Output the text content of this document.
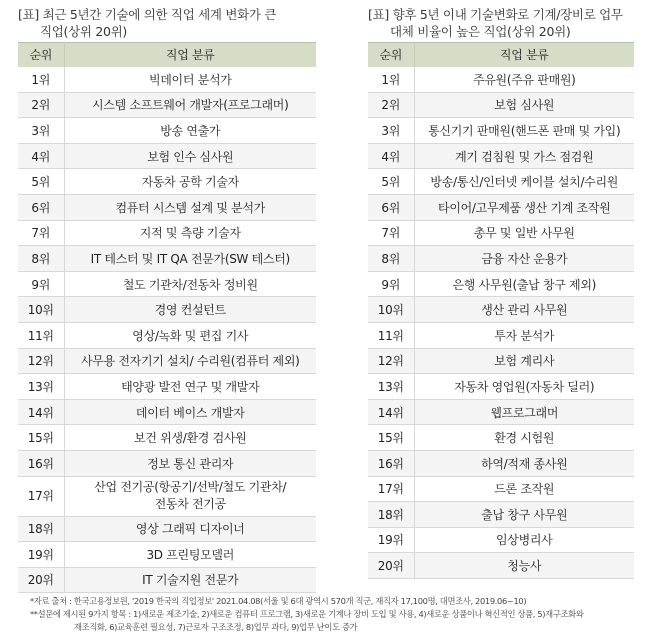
[표] 최근 5년간 기술에 의한 직업 세계 변화가 큰
직업(상위 20위)
순위	직업 분류
1위	빅데이터 분석가
2위	시스템 소프트웨어 개발자(프로그래머)
3위	방송 연출가
4위	보험 인수 심사원
5위	자동차 공학 기술자
6위	컴퓨터 시스템 설계 및 분석가
7위	지적 및 측량 기술자
8위	IT 테스터 및 IT QA 전문가(SW 테스터)
9위	철도 기관차/전동차 정비원
10위	경영 컨설턴트
11위	영상/녹화 및 편집 기사
12위	사무용 전자기기 설치/ 수리원(컴퓨터 제외)
13위	태양광 발전 연구 및 개발자
14위	데이터 베이스 개발자
15위	보건 위생/환경 검사원
16위	정보 통신 관리자
17위	산업 전기공(항공기/선박/철도 기관차/
전동차 전기공
18위	영상 그래픽 디자이너
19위	3D 프린팅모델러
20위	IT 기술지원 전문가
[표] 향후 5년 이내 기술변화로 기계/장비로 업무
대체 비율이 높은 직업(상위 20위)
순위	직업 분류
1위	주유원(주유 판매원)
2위	보험 심사원
3위	통신기기 판매원(핸드폰 판매 및 가입)
4위	계기 검침원 및 가스 점검원
5위	방송/통신/인터넷 케이블 설치/수리원
6위	타이어/고무제품 생산 기계 조작원
7위	총무 및 일반 사무원
8위	금융 자산 운용가
9위	은행 사무원(출납 창구 제외)
10위	생산 관리 사무원
11위	투자 분석가
12위	보험 계리사
13위	자동차 영업원(자동차 딜러)
14위	웹프로그래머
15위	환경 시험원
16위	하역/적재 종사원
17위	드론 조작원
18위	출납 창구 사무원
19위	임상병리사
20위	청능사
*자료 출처 : 한국고용정보원, '2019 한국의 직업정보' 2021.04.08(서울 및 6대 광역시 570개 직군, 재직자 17,100명, 대면조사, 2019.06~10)
**설문에 제시된 9가지 항목 : 1)새로운 제조기술, 2)새로운 컴퓨터 프로그램, 3)새로운 기계나 장비 도입 및 사용, 4)새로운 상품이나 혁신적인 상품, 5)재구조화와
재조직화, 6)교육훈련 필요성, 7)근로자 구조조정, 8)업무 과다, 9)업무 난이도 증가
